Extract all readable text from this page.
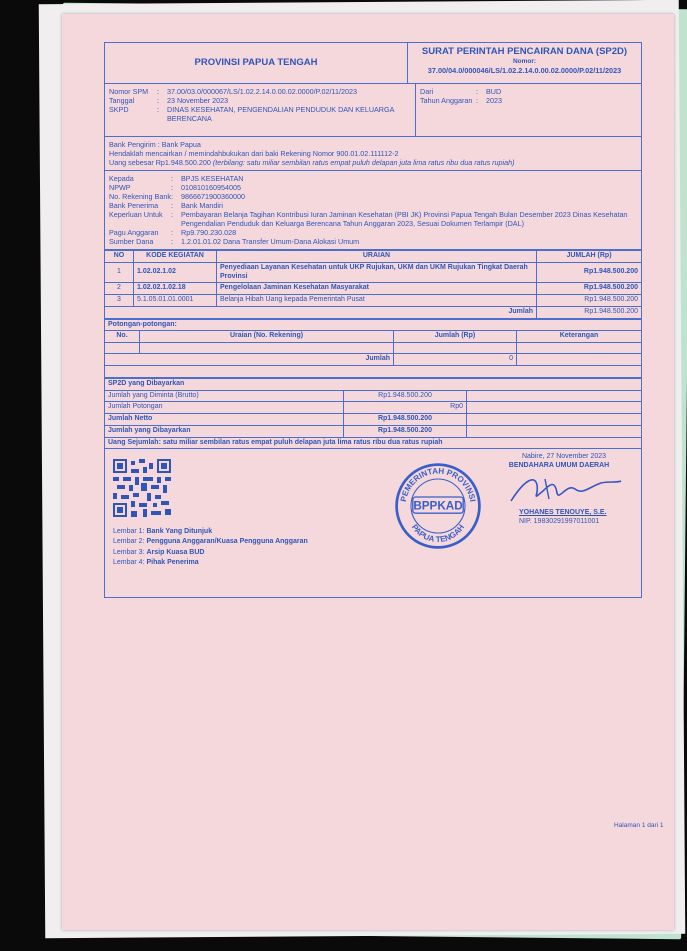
PROVINSI PAPUA TENGAH
SURAT PERINTAH PENCAIRAN DANA (SP2D)
Nomor:
37.00/04.0/000046/LS/1.02.2.14.0.00.02.0000/P.02/11/2023
Nomor SPM	:	37.00/03.0/000067/LS/1.02.2.14.0.00.02.0000/P.02/11/2023
Tanggal	:	23 November 2023
SKPD	:	DINAS KESEHATAN, PENGENDALIAN PENDUDUK DAN KELUARGA BERENCANA
Dari	:	BUD
Tahun Anggaran :	2023
Bank Pengirim : Bank Papua
Hendaklah mencairkan / memindahbukukan dari baki Rekening Nomor 900.01.02.111112-2
Uang sebesar Rp1.948.500.200 (terbilang: satu miliar sembilan ratus empat puluh delapan juta lima ratus ribu dua ratus rupiah)
Kepada	:	BPJS KESEHATAN
NPWP	:	010810160954005
No. Rekening Bank :	9866671900360000
Bank Penerima	:	Bank Mandiri
Keperluan Untuk	:	Pembayaran Belanja Tagihan Kontribusi Iuran Jaminan Kesehatan (PBI JK) Provinsi Papua Tengah Bulan Desember 2023 Dinas Kesehatan Pengendalian Penduduk dan Keluarga Berencana Tahun Anggaran 2023, Sesuai Dokumen Terlampir (DAL)
Pagu Anggaran	:	Rp9.790.230.028
Sumber Dana	:	1.2.01.01.02 Dana Transfer Umum-Dana Alokasi Umum
NO	KODE KEGIATAN	URAIAN	JUMLAH (Rp)
1	1.02.02.1.02	Penyediaan Layanan Kesehatan untuk UKP Rujukan, UKM dan UKM Rujukan Tingkat Daerah Provinsi	Rp1.948.500.200
2	1.02.02.1.02.18	Pengelolaan Jaminan Kesehatan Masyarakat	Rp1.948.500.200
3	5.1.05.01.01.0001	Belanja Hibah Uang kepada Pemerintah Pusat	Rp1.948.500.200
Jumlah			Rp1.948.500.200
Potongan-potongan:			
No.	Uraian (No. Rekening)	Jumlah (Rp)	Keterangan

Jumlah		0	

SP2D yang Dibayarkan		
Jumlah yang Diminta (Brutto)	Rp1.948.500.200	
Jumlah Potongan	Rp0	
Jumlah Netto	Rp1.948.500.200	
Jumlah yang Dibayarkan	Rp1.948.500.200	
Uang Sejumlah: satu miliar sembilan ratus empat puluh delapan juta lima ratus ribu dua ratus rupiah		
Lembar 1: Bank Yang Ditunjuk
Lembar 2: Pengguna Anggaran/Kuasa Pengguna Anggaran
Lembar 3: Arsip Kuasa BUD
Lembar 4: Pihak Penerima
PEMERINTAH PROVINSI
PAPUA TENGAH
BPPKAD
Nabire, 27 November 2023
BENDAHARA UMUM DAERAH
YOHANES TENOUYE, S.E.
NIP. 19830291997011001
Halaman 1 dari 1
